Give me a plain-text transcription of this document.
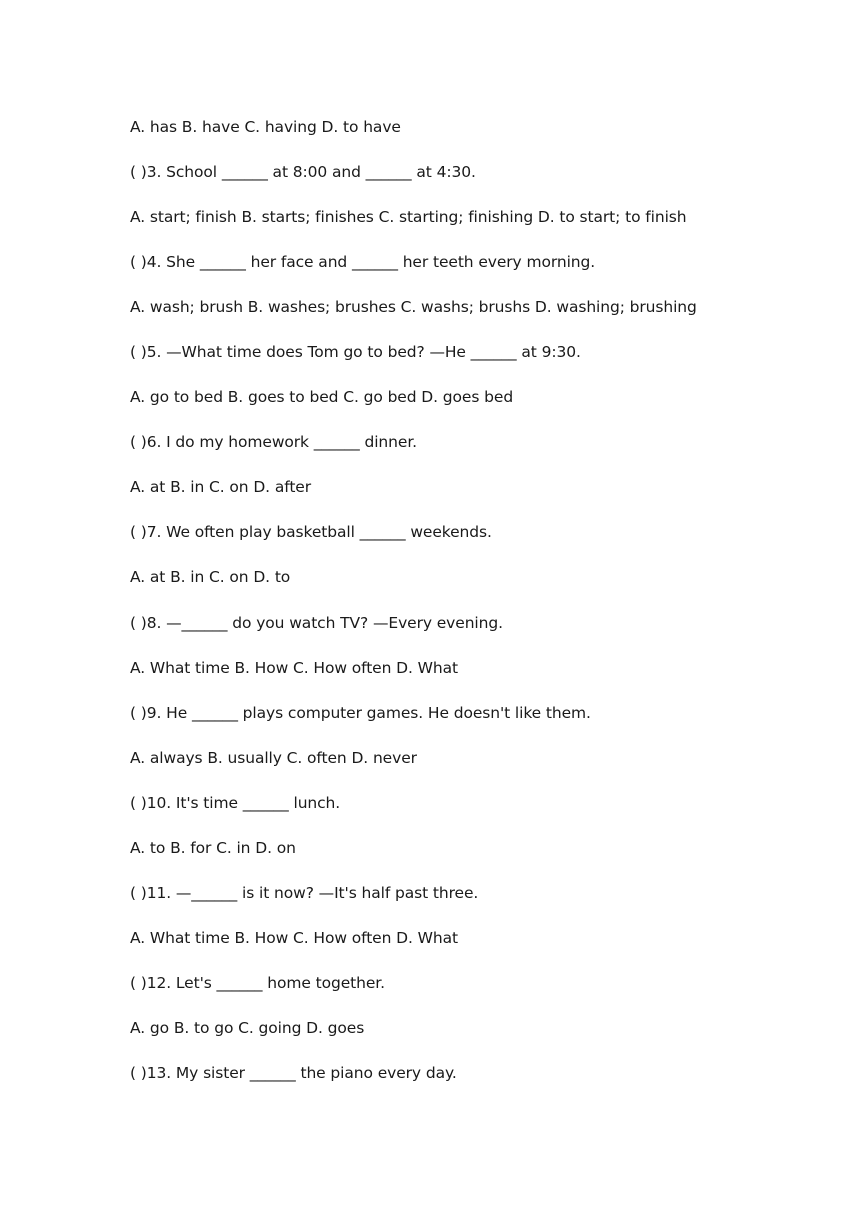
A. has B. have C. having D. to have
( )3. School ______ at 8:00 and ______ at 4:30.
A. start; finish B. starts; finishes C. starting; finishing D. to start; to finish
( )4. She ______ her face and ______ her teeth every morning.
A. wash; brush B. washes; brushes C. washs; brushs D. washing; brushing
( )5. —What time does Tom go to bed? —He ______ at 9:30.
A. go to bed B. goes to bed C. go bed D. goes bed
( )6. I do my homework ______ dinner.
A. at B. in C. on D. after
( )7. We often play basketball ______ weekends.
A. at B. in C. on D. to
( )8. —______ do you watch TV? —Every evening.
A. What time B. How C. How often D. What
( )9. He ______ plays computer games. He doesn't like them.
A. always B. usually C. often D. never
( )10. It's time ______ lunch.
A. to B. for C. in D. on
( )11. —______ is it now? —It's half past three.
A. What time B. How C. How often D. What
( )12. Let's ______ home together.
A. go B. to go C. going D. goes
( )13. My sister ______ the piano every day.
